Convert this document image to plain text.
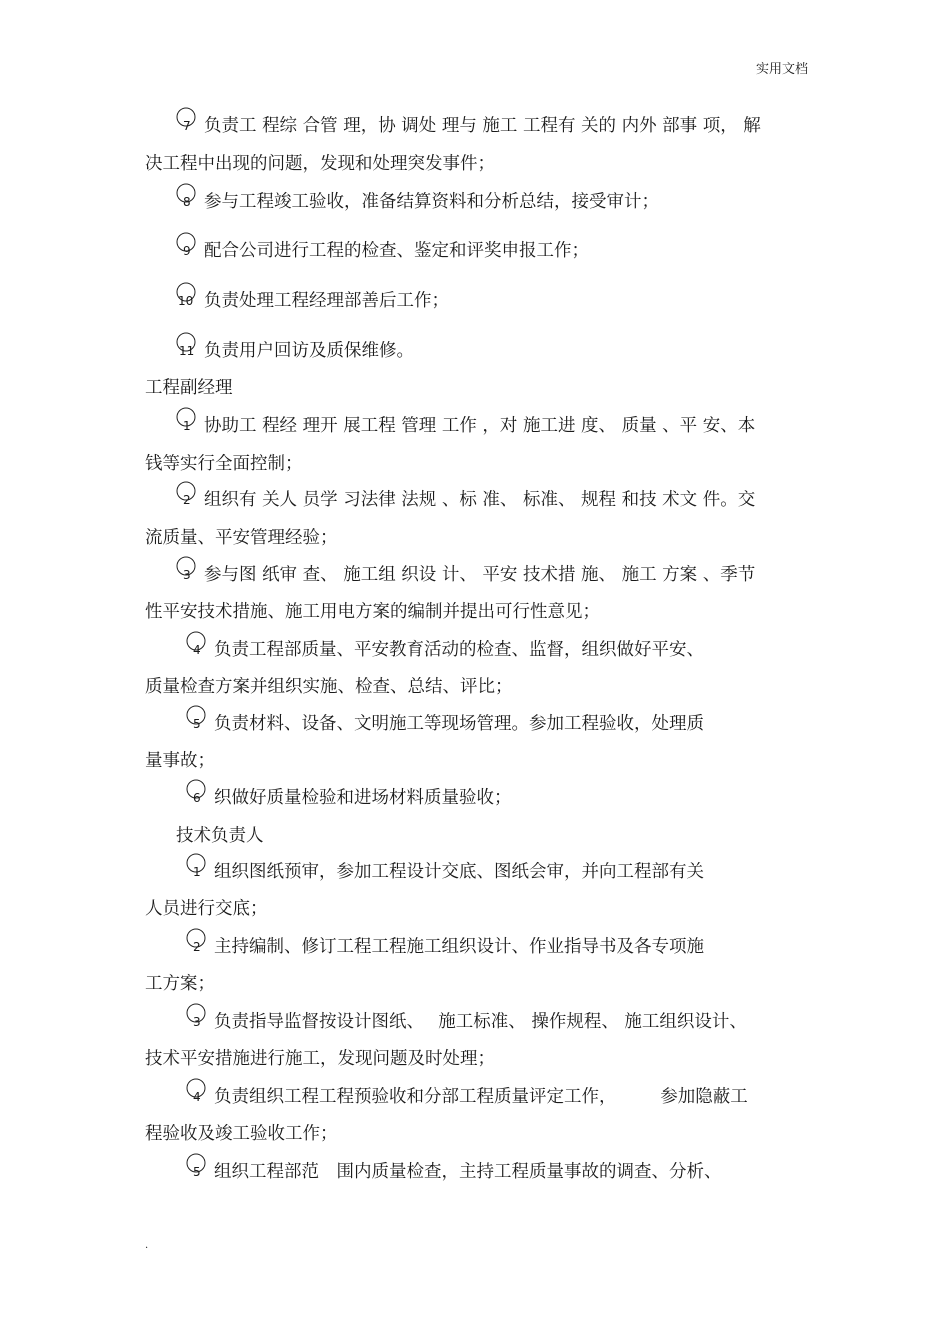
实用文档
7 负责工 程综 合管 理，协 调处 理与 施工 工程有 关的 内外 部事 项， 解
决工程中出现的问题，发现和处理突发事件；
8 参与工程竣工验收，准备结算资料和分析总结，接受审计；
9 配合公司进行工程的检查、鉴定和评奖申报工作；
10 负责处理工程经理部善后工作；
11 负责用户回访及质保维修。
工程副经理
1 协助工 程经 理开 展工程 管理 工作 ，对 施工进 度、 质量 、平 安、本
钱等实行全面控制；
2 组织有 关人 员学 习法律 法规 、标 准、 标准、 规程 和技 术文 件。交
流质量、平安管理经验；
3 参与图 纸审 查、 施工组 织设 计、 平安 技术措 施、 施工 方案 、季节
性平安技术措施、施工用电方案的编制并提出可行性意见；
4 负责工程部质量、平安教育活动的检查、监督，组织做好平安、
质量检查方案并组织实施、检查、总结、评比；
5 负责材料、设备、文明施工等现场管理。参加工程验收，处理质
量事故；
6 织做好质量检验和进场材料质量验收；
技术负责人
1 组织图纸预审，参加工程设计交底、图纸会审，并向工程部有关
人员进行交底；
2 主持编制、修订工程工程施工组织设计、作业指导书及各专项施
工方案；
3 负责指导监督按设计图纸、　 施工标准、 操作规程、 施工组织设计、
技术平安措施进行施工，发现问题及时处理；
4 负责组织工程工程预验收和分部工程质量评定工作，　　　参加隐蔽工
程验收及竣工验收工作；
5 组织工程部范　围内质量检查，主持工程质量事故的调查、分析、
.
